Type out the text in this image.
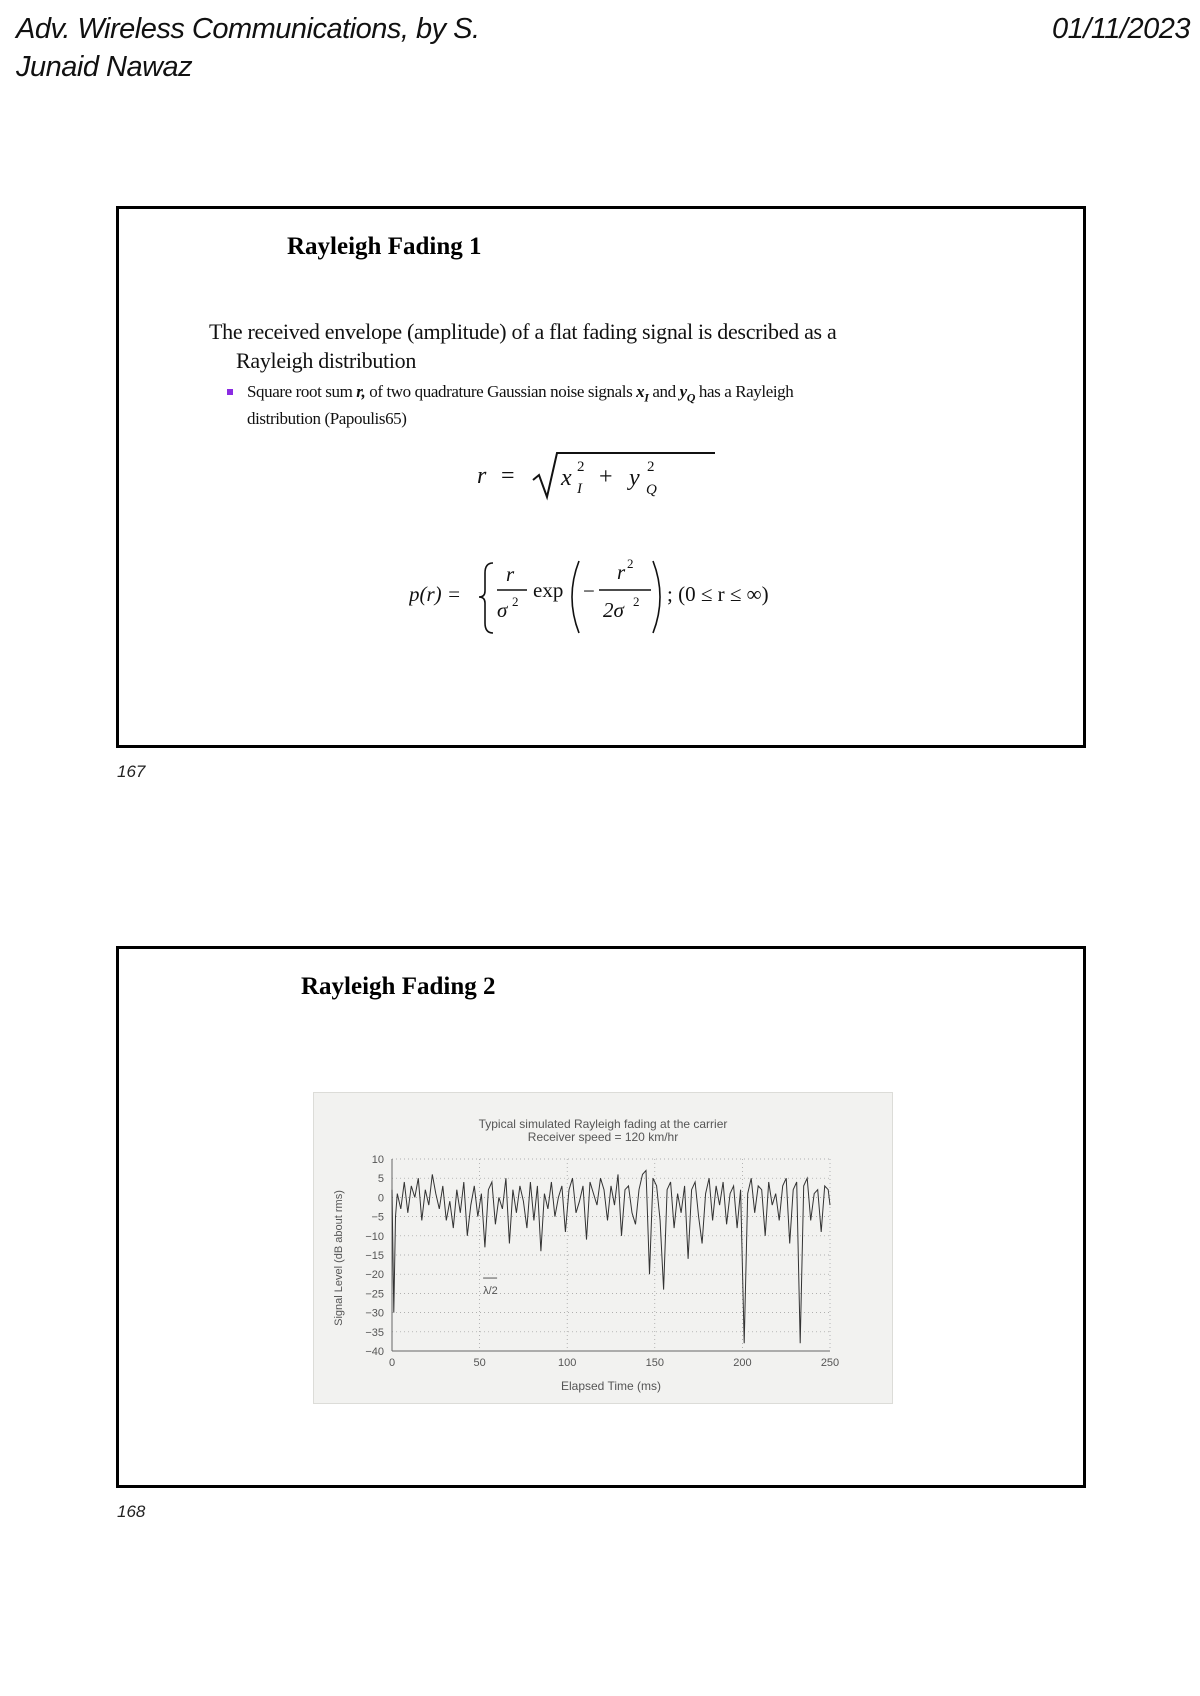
Adv. Wireless Communications, by S.
Junaid Nawaz
01/11/2023
Rayleigh Fading 1
The received envelope (amplitude) of a flat fading signal is described as a
Rayleigh distribution
Square root sum r, of two quadrature Gaussian noise signals $x_I$ and $y_Q$ has a Rayleigh
distribution (Papoulis65)
r = x 2
I + y 2
Q
p(r) =
r
σ 2 exp −
r 2
2σ 2 ; (0 ≤ r ≤ ∞)
167
Rayleigh Fading 2
Typical simulated Rayleigh fading at the carrier
Receiver speed = 120 km/hr
10
5
0
−5
−10
−15
−20
−25
−30
−35
−40
0	50	100	150	200	250
Elapsed Time (ms)
Signal Level (dB about rms)	λ/2
168
